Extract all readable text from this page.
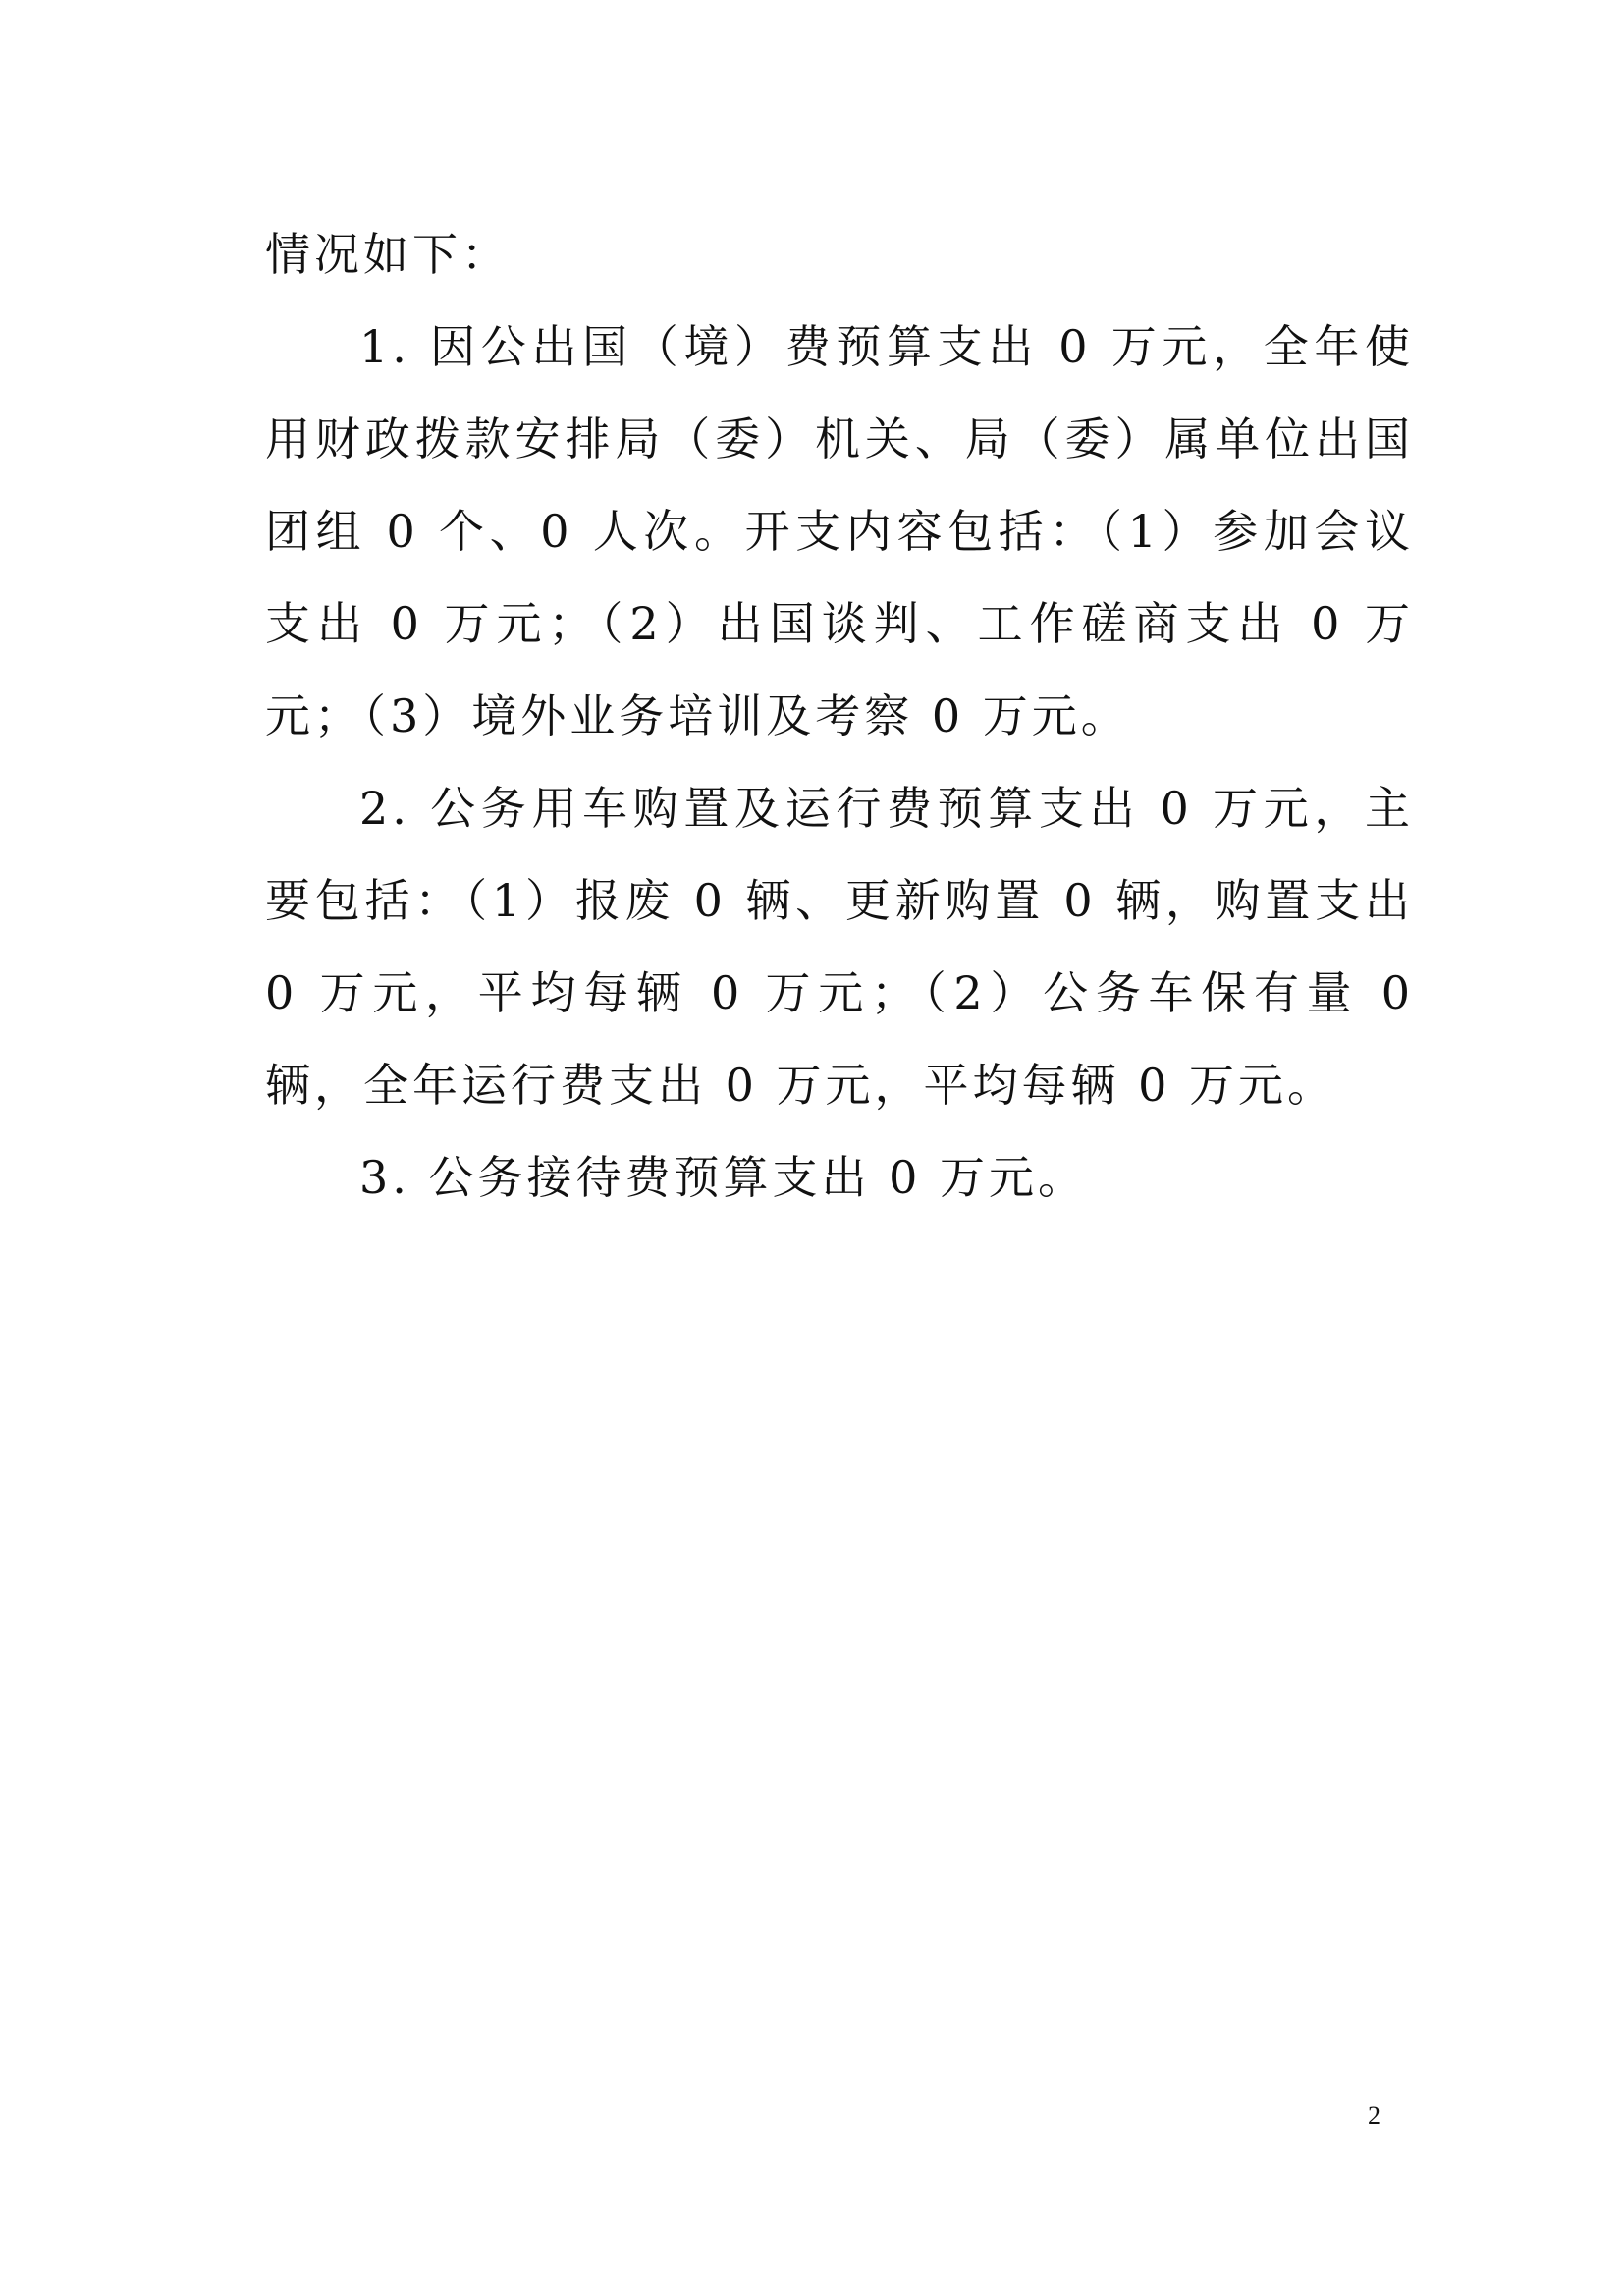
情况如下：

1. 因公出国（境）费预算支出 0 万元，全年使用财政拨款安排局（委）机关、局（委）属单位出国团组 0 个、0 人次。开支内容包括：（1）参加会议支出 0 万元；（2）出国谈判、工作磋商支出 0 万元；（3）境外业务培训及考察 0 万元。

2. 公务用车购置及运行费预算支出 0 万元，主要包括：（1）报废 0 辆、更新购置 0 辆，购置支出 0 万元，平均每辆 0 万元；（2）公务车保有量 0 辆，全年运行费支出 0 万元，平均每辆 0 万元。

3. 公务接待费预算支出 0 万元。

2
